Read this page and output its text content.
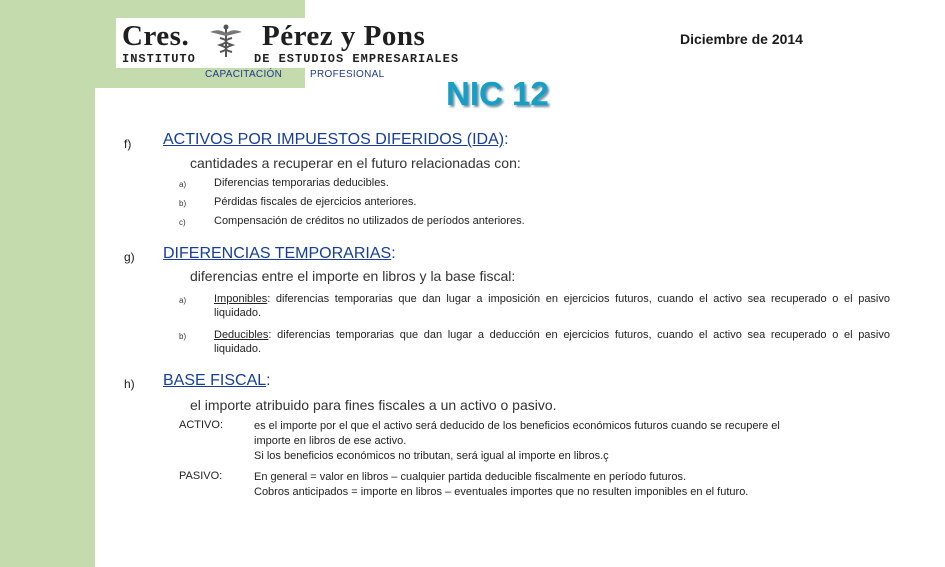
Cres.	Pérez y Pons
INSTITUTO	DE ESTUDIOS EMPRESARIALES
CAPACITACIÓN	PROFESIONAL
Diciembre de 2014
NIC 12
f) ACTIVOS POR IMPUESTOS DIFERIDOS (IDA):
cantidades a recuperar en el futuro relacionadas con:
a)	Diferencias temporarias deducibles.
b)	Pérdidas fiscales de ejercicios anteriores.
c)	Compensación de créditos no utilizados de períodos anteriores.
g) DIFERENCIAS TEMPORARIAS:
diferencias entre el importe en libros y la base fiscal:
a)	Imponibles: diferencias temporarias que dan lugar a imposición en ejercicios futuros, cuando el activo sea recuperado o el pasivo liquidado.
b)	Deducibles: diferencias temporarias que dan lugar a deducción en ejercicios futuros, cuando el activo sea recuperado o el pasivo liquidado.
h) BASE FISCAL:
el importe atribuido para fines fiscales a un activo o pasivo.
ACTIVO:	es el importe por el que el activo será deducido de los beneficios económicos futuros cuando se recupere el
importe en libros de ese activo.
Si los beneficios económicos no tributan, será igual al importe en libros.ç
PASIVO:	En general = valor en libros – cualquier partida deducible fiscalmente en período futuros.
Cobros anticipados = importe en libros – eventuales importes que no resulten imponibles en el futuro.
